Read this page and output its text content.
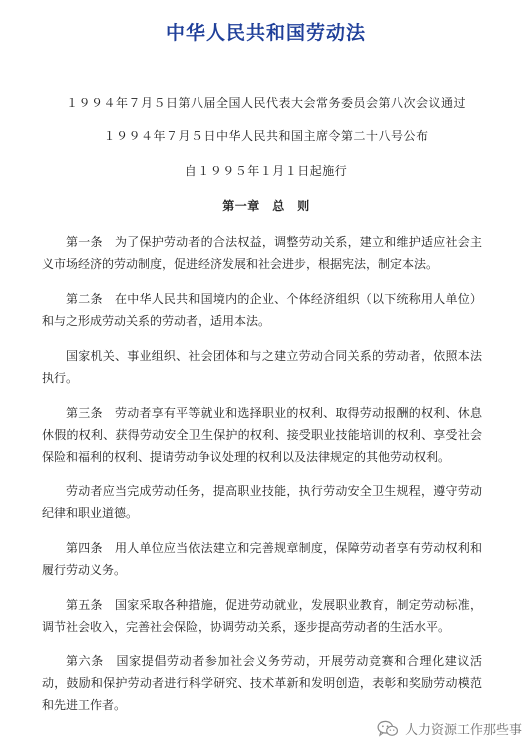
中华人民共和国劳动法
１９９４年７月５日第八届全国人民代表大会常务委员会第八次会议通过
１９９４年７月５日中华人民共和国主席令第二十八号公布
自１９９５年１月１日起施行
第一章　总　则
第一条　为了保护劳动者的合法权益，调整劳动关系，建立和维护适应社会主义市场经济的劳动制度，促进经济发展和社会进步，根据宪法，制定本法。
第二条　在中华人民共和国境内的企业、个体经济组织（以下统称用人单位）和与之形成劳动关系的劳动者，适用本法。
国家机关、事业组织、社会团体和与之建立劳动合同关系的劳动者，依照本法执行。
第三条　劳动者享有平等就业和选择职业的权利、取得劳动报酬的权利、休息休假的权利、获得劳动安全卫生保护的权利、接受职业技能培训的权利、享受社会保险和福利的权利、提请劳动争议处理的权利以及法律规定的其他劳动权利。
劳动者应当完成劳动任务，提高职业技能，执行劳动安全卫生规程，遵守劳动纪律和职业道德。
第四条　用人单位应当依法建立和完善规章制度，保障劳动者享有劳动权利和履行劳动义务。
第五条　国家采取各种措施，促进劳动就业，发展职业教育，制定劳动标准，调节社会收入，完善社会保险，协调劳动关系，逐步提高劳动者的生活水平。
第六条　国家提倡劳动者参加社会义务劳动，开展劳动竞赛和合理化建议活动，鼓励和保护劳动者进行科学研究、技术革新和发明创造，表彰和奖励劳动模范和先进工作者。
人力资源工作那些事
